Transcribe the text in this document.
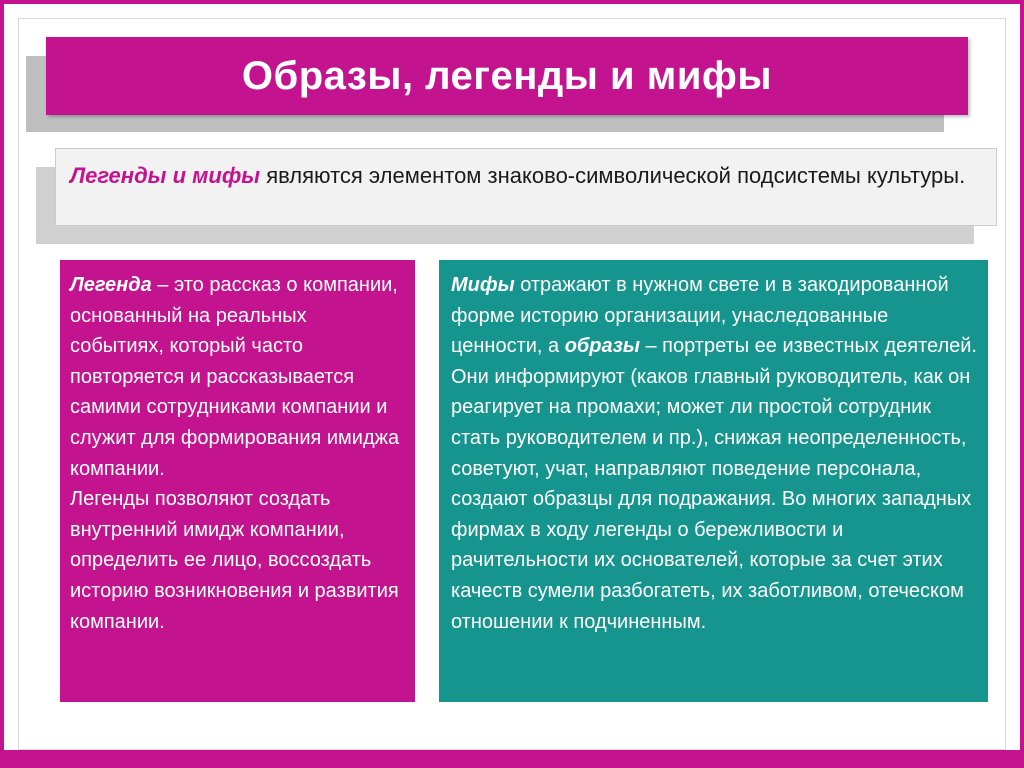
Образы, легенды и мифы
Легенды и мифы являются элементом знаково-символической подсистемы культуры.
Легенда – это рассказ о компании, основанный на реальных событиях, который часто повторяется и рассказывается самими сотрудниками компании и служит для формирования имиджа компании.
Легенды позволяют создать внутренний имидж компании, определить ее лицо, воссоздать историю возникновения и развития компании.
Мифы отражают в нужном свете и в закодированной форме историю организации, унаследованные ценности, а образы – портреты ее известных деятелей. Они информируют (каков главный руководитель, как он реагирует на промахи; может ли простой сотрудник стать руководителем и пр.), снижая неопределенность, советуют, учат, направляют поведение персонала, создают образцы для подражания. Во многих западных фирмах в ходу легенды о бережливости и рачительности их основателей, которые за счет этих качеств сумели разбогатеть, их заботливом, отеческом отношении к подчиненным.
